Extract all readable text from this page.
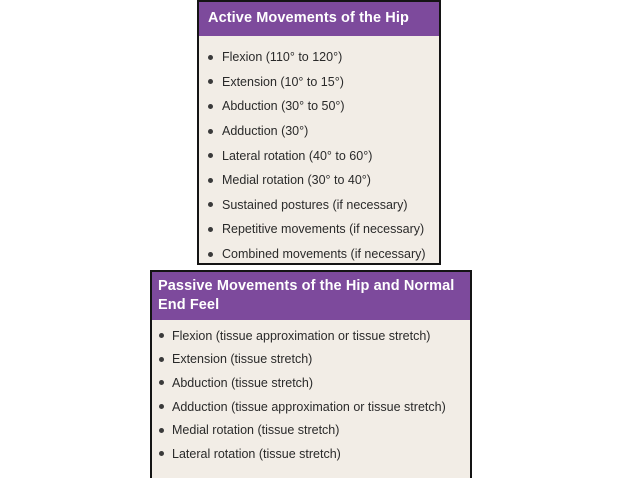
Active Movements of the Hip
Flexion (110° to 120°)
Extension (10° to 15°)
Abduction (30° to 50°)
Adduction (30°)
Lateral rotation (40° to 60°)
Medial rotation (30° to 40°)
Sustained postures (if necessary)
Repetitive movements (if necessary)
Combined movements (if necessary)
Passive Movements of the Hip and Normal End Feel
Flexion (tissue approximation or tissue stretch)
Extension (tissue stretch)
Abduction (tissue stretch)
Adduction (tissue approximation or tissue stretch)
Medial rotation (tissue stretch)
Lateral rotation (tissue stretch)
